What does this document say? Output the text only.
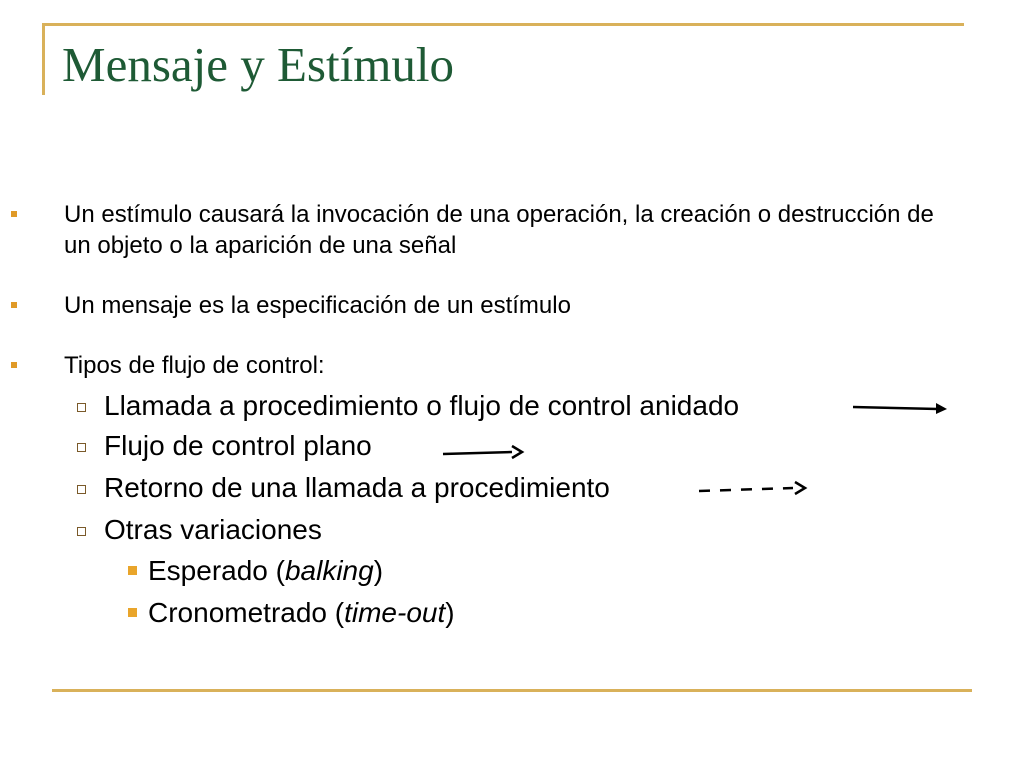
Mensaje y Estímulo
Un estímulo causará la invocación de una operación, la creación o destrucción de un objeto o la aparición de una señal
Un mensaje es la especificación de un estímulo
Tipos de flujo de control:
Llamada a procedimiento o flujo de control anidado
Flujo de control plano
Retorno de una llamada a procedimiento
Otras variaciones
Esperado (balking)
Cronometrado (time-out)
